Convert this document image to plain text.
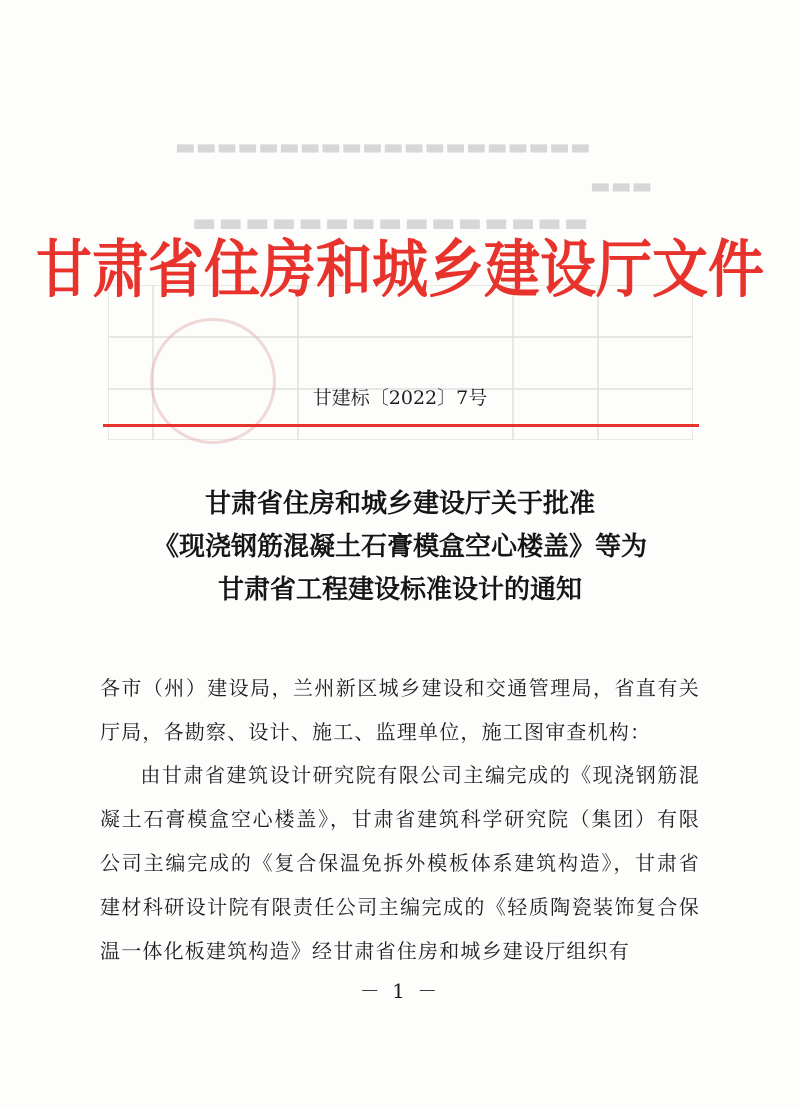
▬▬▬▬▬▬▬▬▬▬▬▬▬▬▬▬▬▬▬▬
▬▬▬
▬▬▬▬▬▬▬▬▬▬▬▬▬▬▬
甘肃省住房和城乡建设厅文件
甘建标〔2022〕7号
甘肃省住房和城乡建设厅关于批准
《现浇钢筋混凝土石膏模盒空心楼盖》等为
甘肃省工程建设标准设计的通知
各市（州）建设局，兰州新区城乡建设和交通管理局，省直有关厅局，各勘察、设计、施工、监理单位，施工图审查机构：
由甘肃省建筑设计研究院有限公司主编完成的《现浇钢筋混凝土石膏模盒空心楼盖》，甘肃省建筑科学研究院（集团）有限公司主编完成的《复合保温免拆外模板体系建筑构造》，甘肃省建材科研设计院有限责任公司主编完成的《轻质陶瓷装饰复合保温一体化板建筑构造》经甘肃省住房和城乡建设厅组织有
－ 1 －
